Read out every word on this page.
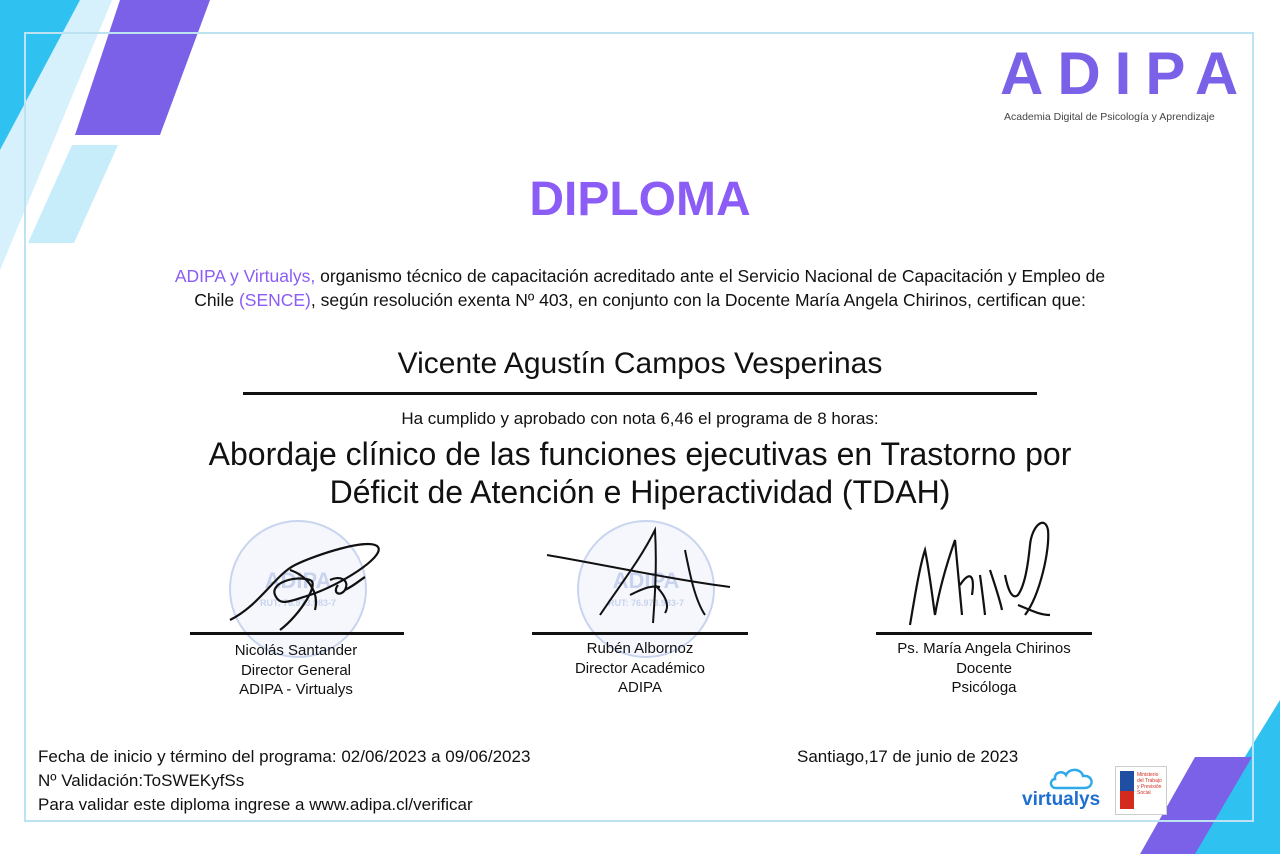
ADIPA
Academia Digital de Psicología y Aprendizaje
DIPLOMA
ADIPA y Virtualys, organismo técnico de capacitación acreditado ante el Servicio Nacional de Capacitación y Empleo de
Chile (SENCE), según resolución exenta Nº 403, en conjunto con la Docente María Angela Chirinos, certifican que:
Vicente Agustín Campos Vesperinas
Ha cumplido y aprobado con nota 6,46 el programa de 8 horas:
Abordaje clínico de las funciones ejecutivas en Trastorno por
Déficit de Atención e Hiperactividad (TDAH)
ADIPA
RUT: 76.973.983-7
ADIPA
RUT: 76.973.983-7
Nicolás Santander
Director General
ADIPA - Virtualys
Rubén Albornoz
Director Académico
ADIPA
Ps. María Angela Chirinos
Docente
Psicóloga
Fecha de inicio y término del programa: 02/06/2023 a 09/06/2023
Nº Validación:ToSWEKyfSs
Para validar este diploma ingrese a www.adipa.cl/verificar
Santiago,17 de junio de 2023
virtualys
Ministerio del Trabajo y Previsión Social
